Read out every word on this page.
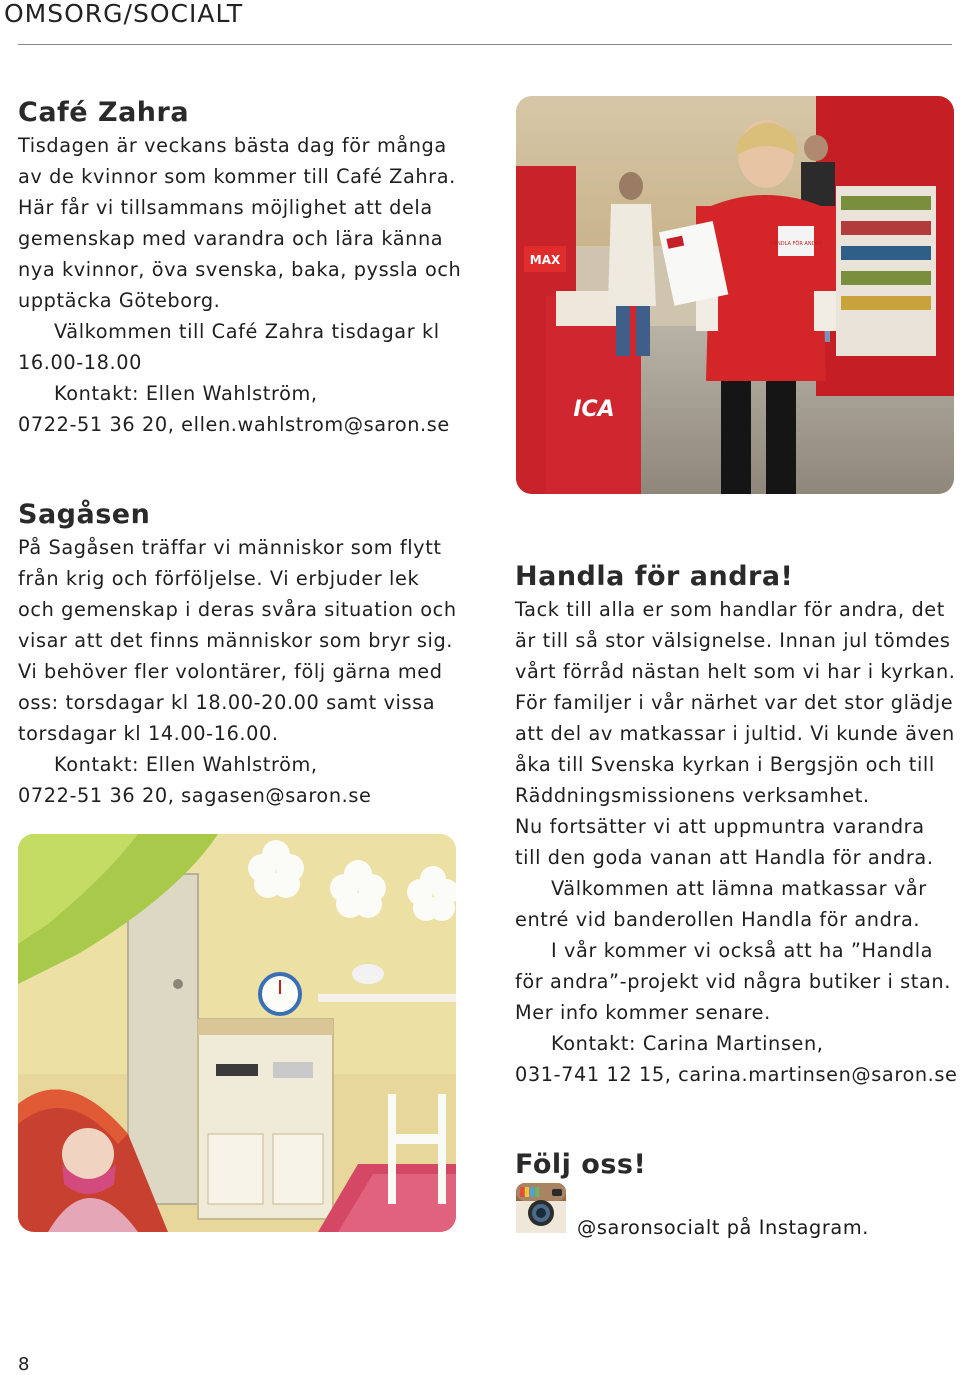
OMSORG/SOCIALT
Café Zahra

Tisdagen är veckans bästa dag för många
av de kvinnor som kommer till Café Zahra.
Här får vi tillsammans möjlighet att dela
gemenskap med varandra och lära känna
nya kvinnor, öva svenska, baka, pyssla och
upptäcka Göteborg.
Välkommen till Café Zahra tisdagar kl
16.00-18.00
Kontakt: Ellen Wahlström,
0722-51 36 20, ellen.wahlstrom@saron.se

Sagåsen

På Sagåsen träffar vi människor som flytt
från krig och förföljelse. Vi erbjuder lek
och gemenskap i deras svåra situation och
visar att det finns människor som bryr sig.
Vi behöver fler volontärer, följ gärna med
oss: torsdagar kl 18.00-20.00 samt vissa
torsdagar kl 14.00-16.00.
Kontakt: Ellen Wahlström,
0722-51 36 20, sagasen@saron.se

MAX
ICA
HANDLA FÖR ANDRA
Handla för andra!

Tack till alla er som handlar för andra, det
är till så stor välsignelse. Innan jul tömdes
vårt förråd nästan helt som vi har i kyrkan.
För familjer i vår närhet var det stor glädje
att del av matkassar i jultid. Vi kunde även
åka till Svenska kyrkan i Bergsjön och till
Räddningsmissionens verksamhet.
Nu fortsätter vi att uppmuntra varandra
till den goda vanan att Handla för andra.
Välkommen att lämna matkassar vår
entré vid banderollen Handla för andra.
I vår kommer vi också att ha ”Handla
för andra”-projekt vid några butiker i stan.
Mer info kommer senare.
Kontakt: Carina Martinsen,
031-741 12 15, carina.martinsen@saron.se

Följ oss!
@saronsocialt på Instagram.
8
